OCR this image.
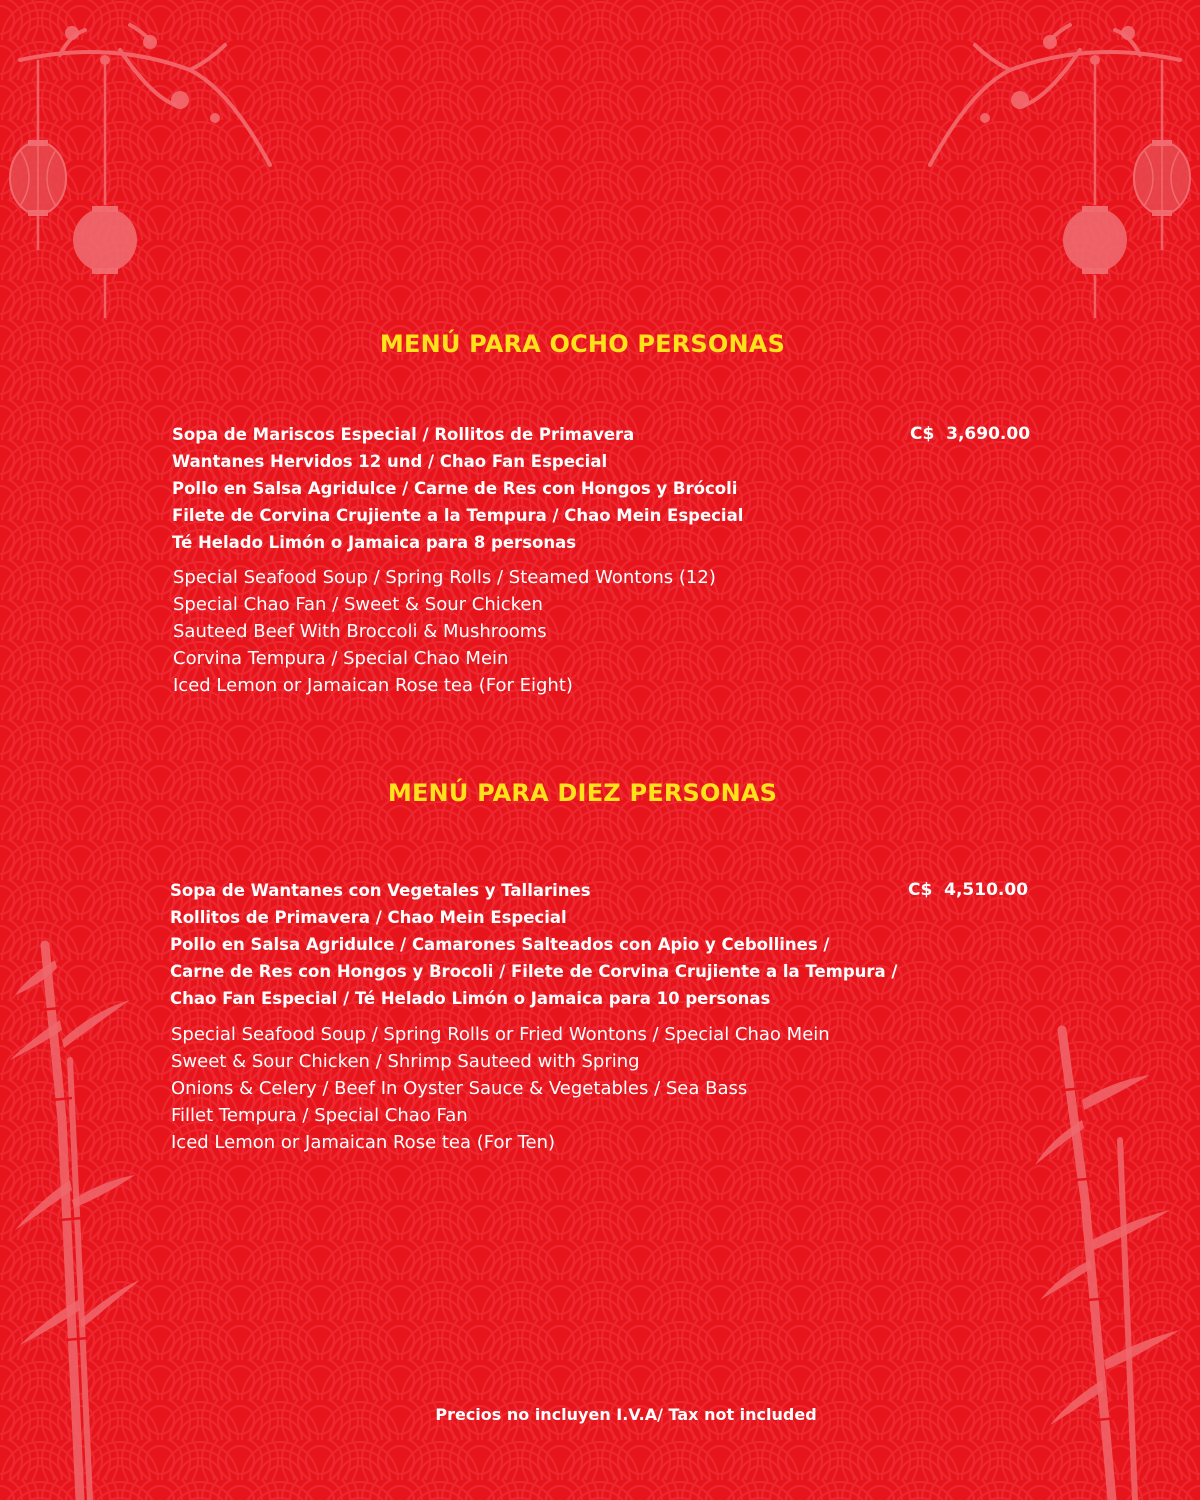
MENÚ PARA OCHO PERSONAS
C$  3,690.00
Sopa de Mariscos Especial / Rollitos de Primavera
Wantanes Hervidos 12 und / Chao Fan Especial
Pollo en Salsa Agridulce / Carne de Res con Hongos y Brócoli
Filete de Corvina Crujiente a la Tempura / Chao Mein Especial
Té Helado Limón o Jamaica para 8 personas
Special Seafood Soup / Spring Rolls / Steamed Wontons (12)
Special Chao Fan / Sweet & Sour Chicken
Sauteed Beef With Broccoli & Mushrooms
Corvina Tempura / Special Chao Mein
Iced Lemon or Jamaican Rose tea (For Eight)
MENÚ PARA DIEZ PERSONAS
C$  4,510.00
Sopa de Wantanes con Vegetales y Tallarines
Rollitos de Primavera / Chao Mein Especial
Pollo en Salsa Agridulce / Camarones Salteados con Apio y Cebollines /
Carne de Res con Hongos y Brocoli / Filete de Corvina Crujiente a la Tempura /
Chao Fan Especial / Té Helado Limón o Jamaica para 10 personas
Special Seafood Soup / Spring Rolls or Fried Wontons / Special Chao Mein
Sweet & Sour Chicken / Shrimp Sauteed with Spring
Onions & Celery / Beef In Oyster Sauce & Vegetables / Sea Bass
Fillet Tempura / Special Chao Fan
Iced Lemon or Jamaican Rose tea (For Ten)
Precios no incluyen I.V.A/ Tax not included
